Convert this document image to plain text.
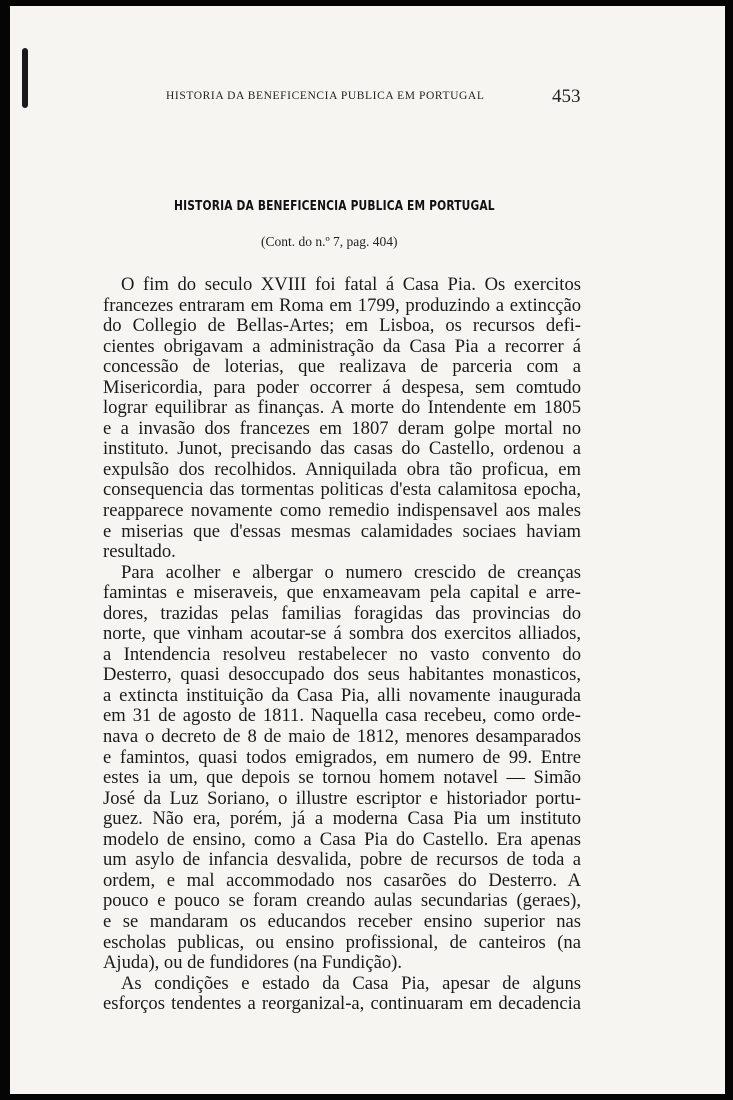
HISTORIA DA BENEFICENCIA PUBLICA EM PORTUGAL	453
HISTORIA DA BENEFICENCIA PUBLICA EM PORTUGAL
(Cont. do n.º 7, pag. 404)
O fim do seculo XVIII foi fatal á Casa Pia. Os exercitos
francezes entraram em Roma em 1799, produzindo a extincção
do Collegio de Bellas-Artes; em Lisboa, os recursos defi-
cientes obrigavam a administração da Casa Pia a recorrer á
concessão de loterias, que realizava de parceria com a
Misericordia, para poder occorrer á despesa, sem comtudo
lograr equilibrar as finanças. A morte do Intendente em 1805
e a invasão dos francezes em 1807 deram golpe mortal no
instituto. Junot, precisando das casas do Castello, ordenou a
expulsão dos recolhidos. Anniquilada obra tão proficua, em
consequencia das tormentas politicas d'esta calamitosa epocha,
reapparece novamente como remedio indispensavel aos males
e miserias que d'essas mesmas calamidades sociaes haviam
resultado.
Para acolher e albergar o numero crescido de creanças
famintas e miseraveis, que enxameavam pela capital e arre-
dores, trazidas pelas familias foragidas das provincias do
norte, que vinham acoutar-se á sombra dos exercitos alliados,
a Intendencia resolveu restabelecer no vasto convento do
Desterro, quasi desoccupado dos seus habitantes monasticos,
a extincta instituição da Casa Pia, alli novamente inaugurada
em 31 de agosto de 1811. Naquella casa recebeu, como orde-
nava o decreto de 8 de maio de 1812, menores desamparados
e famintos, quasi todos emigrados, em numero de 99. Entre
estes ia um, que depois se tornou homem notavel — Simão
José da Luz Soriano, o illustre escriptor e historiador portu-
guez. Não era, porém, já a moderna Casa Pia um instituto
modelo de ensino, como a Casa Pia do Castello. Era apenas
um asylo de infancia desvalida, pobre de recursos de toda a
ordem, e mal accommodado nos casarões do Desterro. A
pouco e pouco se foram creando aulas secundarias (geraes),
e se mandaram os educandos receber ensino superior nas
escholas publicas, ou ensino profissional, de canteiros (na
Ajuda), ou de fundidores (na Fundição).
As condições e estado da Casa Pia, apesar de alguns
esforços tendentes a reorganizal-a, continuaram em decadencia
